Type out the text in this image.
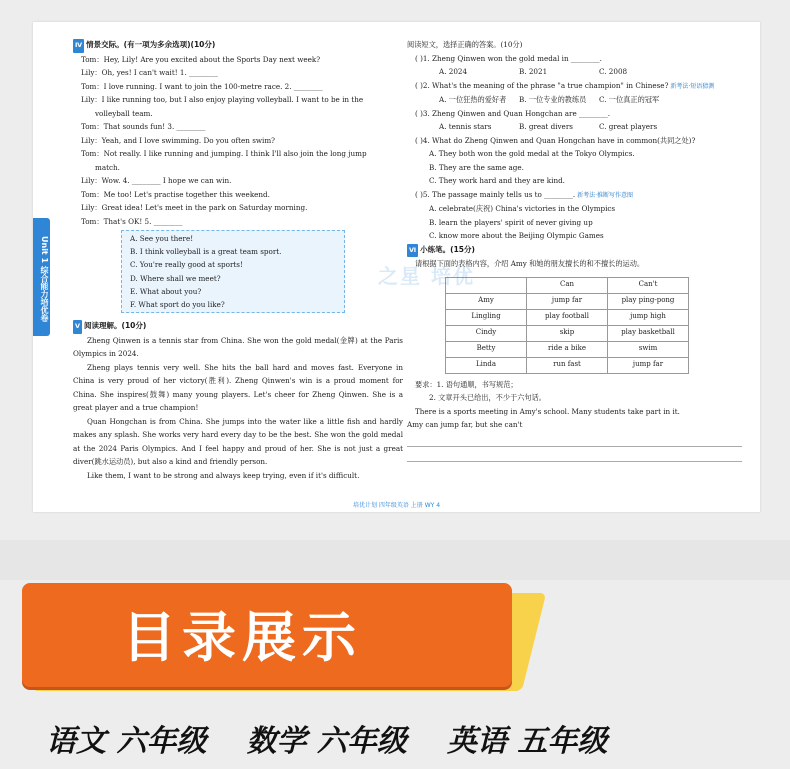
Unit 1 综合能力培优卷
Ⅳ 情景交际。(有一项为多余选项)(10分)
Tom：Hey, Lily! Are you excited about the Sports Day next week?
Lily：Oh, yes! I can't wait! 1. ________
Tom：I love running. I want to join the 100-metre race. 2. ________
Lily：I like running too, but I also enjoy playing volleyball. I want to be in the
volleyball team.
Tom：That sounds fun! 3. ________
Lily：Yeah, and I love swimming. Do you often swim?
Tom：Not really. I like running and jumping. I think I'll also join the long jump
match.
Lily：Wow. 4. ________ I hope we can win.
Tom：Me too! Let's practise together this weekend.
Lily：Great idea! Let's meet in the park on Saturday morning.
Tom：That's OK! 5. ________
A. See you there!
B. I think volleyball is a great team sport.
C. You're really good at sports!
D. Where shall we meet?
E. What about you?
F. What sport do you like?
Ⅴ 阅读理解。(10分)
Zheng Qinwen is a tennis star from China. She won the gold medal(金牌) at the Paris Olympics in 2024.
Zheng plays tennis very well. She hits the ball hard and moves fast. Everyone in China is very proud of her victory(胜利). Zheng Qinwen's win is a proud moment for China. She inspires(鼓舞) many young players. Let's cheer for Zheng Qinwen. She is a great player and a true champion!
Quan Hongchan is from China. She jumps into the water like a little fish and hardly makes any splash. She works very hard every day to be the best. She won the gold medal at the 2024 Paris Olympics. And I feel happy and proud of her. She is not just a great diver(跳水运动员), but also a kind and friendly person.
Like them, I want to be strong and always keep trying, even if it's difficult.
阅读短文，选择正确的答案。(10分)
( )1. Zheng Qinwen won the gold medal in ________.
A. 2024	B. 2021	C. 2008
( )2. What's the meaning of the phrase "a true champion" in Chinese? 新考法·短语猜测
A. 一位狂热的爱好者	B. 一位专业的教练员	C. 一位真正的冠军
( )3. Zheng Qinwen and Quan Hongchan are ________.
A. tennis stars	B. great divers	C. great players
( )4. What do Zheng Qinwen and Quan Hongchan have in common(共同之处)?
A. They both won the gold medal at the Tokyo Olympics.
B. They are the same age.
C. They work hard and they are kind.
( )5. The passage mainly tells us to ________. 新考法·推断写作意图
A. celebrate(庆祝) China's victories in the Olympics
B. learn the players' spirit of never giving up
C. know more about the Beijing Olympic Games
Ⅵ 小练笔。(15分)
请根据下面的表格内容，介绍 Amy 和她的朋友擅长的和不擅长的运动。
	Can	Can't
Amy	jump far	play ping-pong
Lingling	play football	jump high
Cindy	skip	play basketball
Betty	ride a bike	swim
Linda	run fast	jump far
要求：1. 语句通顺，书写规范；
2. 文章开头已给出，不少于六句话。
There is a sports meeting in Amy's school. Many students take part in it.
Amy can jump far, but she can't
之星 培优
培优计划 四年级英语 上册 WY 4
目录展示
语文 六年级 数学 六年级 英语 五年级
